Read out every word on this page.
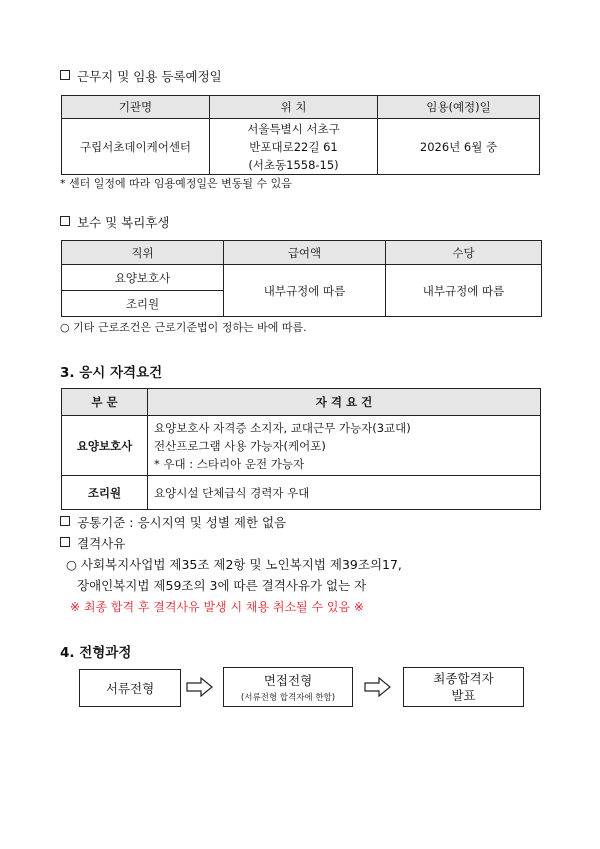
근무지 및 임용 등록예정일
기관명	위 치	임용(예정)일
구립서초데이케어센터	서울특별시 서초구
반포대로22길 61
(서초동1558-15)	2026년 6월 중
* 센터 일정에 따라 임용예정일은 변동될 수 있음
보수 및 복리후생
직위	급여액	수당
요양보호사	내부규정에 따름	내부규정에 따름
조리원		
○ 기타 근로조건은 근로기준법이 정하는 바에 따름.
3. 응시 자격요건
부 문	자 격 요 건
요양보호사	요양보호사 자격증 소지자, 교대근무 가능자(3교대)
전산프로그램 사용 가능자(케어포)
* 우대 : 스타리아 운전 가능자

조리원	요양시설 단체급식 경력자 우대
공통기준 : 응시지역 및 성별 제한 없음
결격사유
○ 사회복지사업법 제35조 제2항 및 노인복지법 제39조의17,
장애인복지법 제59조의 3에 따른 결격사유가 없는 자
※ 최종 합격 후 결격사유 발생 시 채용 취소될 수 있음 ※
4. 전형과정
서류전형
면접전형
(서류전형 합격자에 한함)
최종합격자
발표
